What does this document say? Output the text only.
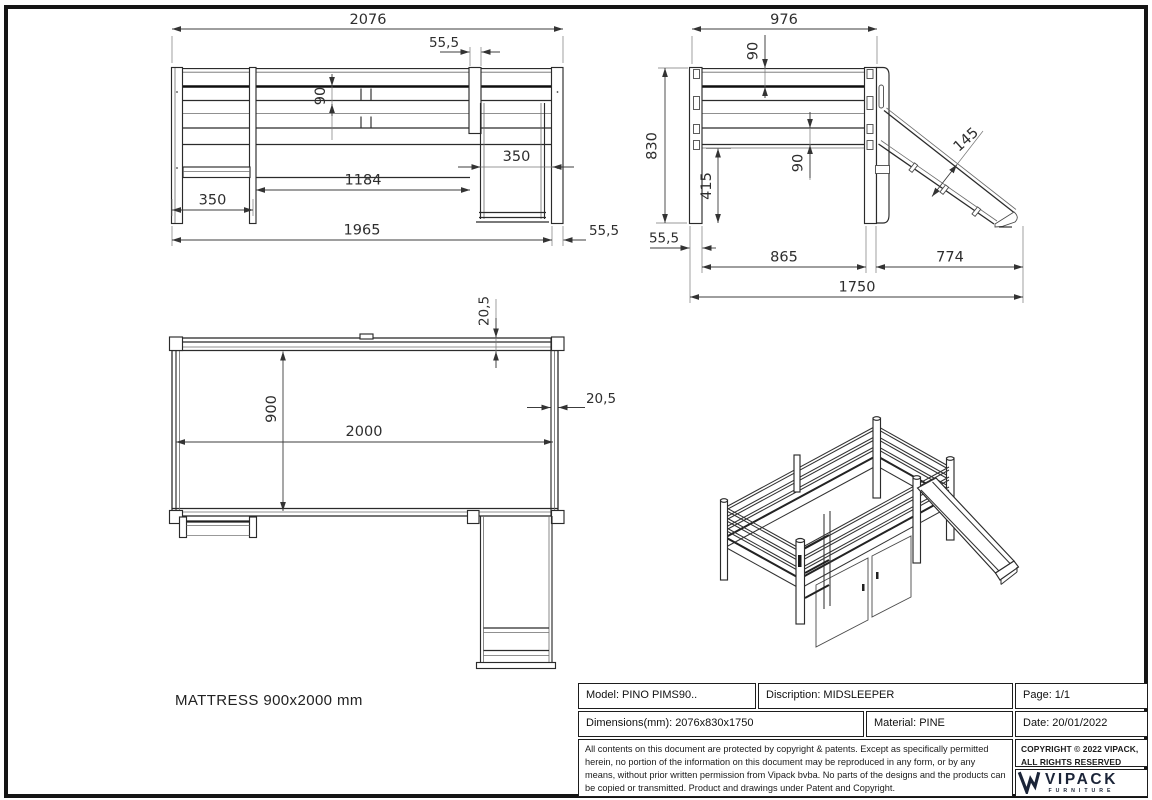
2076
55,5
90
350
1184
350
1965	55,5
976
90
830
415
90
145
55,5
865	774
1750
20,5
900
2000
20,5
MATTRESS 900x2000 mm	Model: PINO PIMS90..	Discription: MIDSLEEPER	Page: 1/1
Dimensions(mm): 2076x830x1750	Material: PINE	Date: 20/01/2022
All contents on this document are protected by copyright & patents. Except as specifically permitted herein, no portion of the information on this document may be reproduced in any form, or by any means, without prior written permission from Vipack bvba. No parts of the designs and the products can be copied or transmitted. Product and drawings under Patent and Copyright.
COPYRIGHT © 2022 VIPACK,
ALL RIGHTS RESERVED
VIPACK
FURNITURE
